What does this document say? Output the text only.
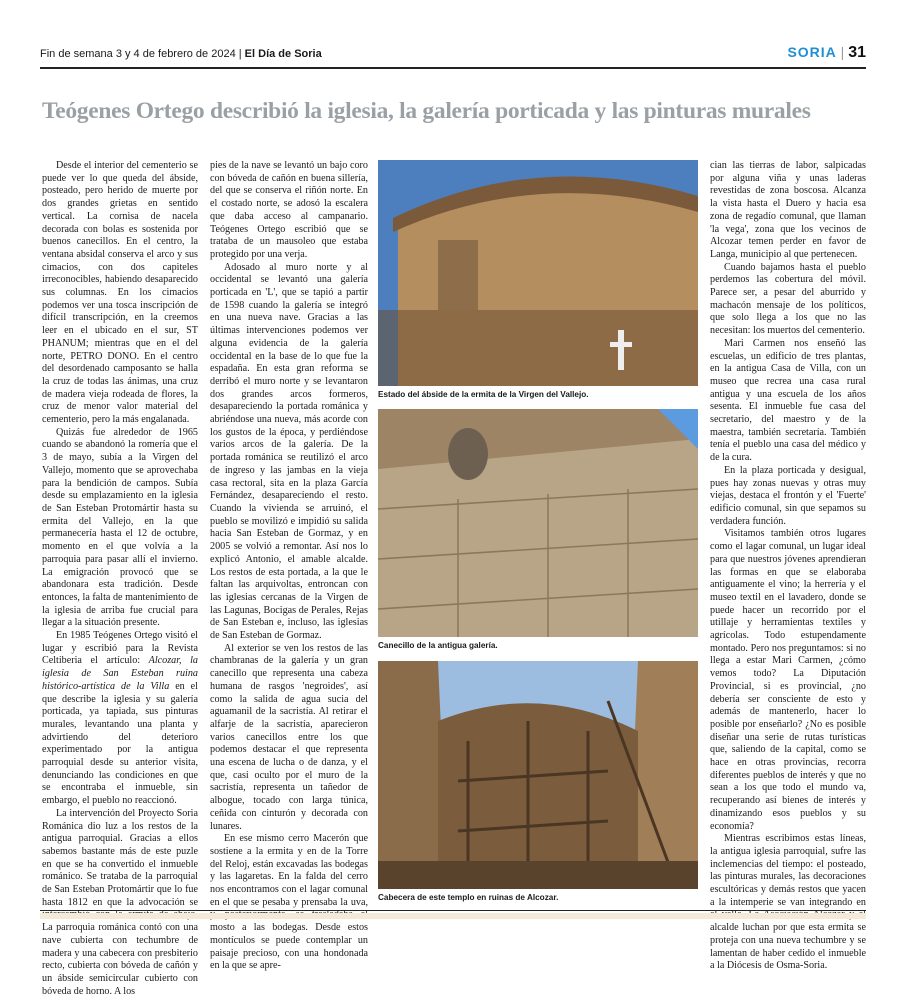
Fin de semana 3 y 4 de febrero de 2024 | El Día de Soria	SORIA | 31
Teógenes Ortego describió la iglesia, la galería porticada y las pinturas murales

Desde el interior del cementerio se puede ver lo que queda del ábside, posteado, pero herido de muerte por dos grandes grietas en sentido vertical. La cornisa de nacela decorada con bolas es sostenida por buenos canecillos. En el centro, la ventana absidal conserva el arco y sus cimacios, con dos capiteles irreconocibles, habiendo desaparecido sus columnas. En los cimacios podemos ver una tosca inscripción de difícil transcripción, en la creemos leer en el ubicado en el sur, ST PHANUM; mientras que en el del norte, PETRO DONO. En el centro del desordenado camposanto se halla la cruz de todas las ánimas, una cruz de madera vieja rodeada de flores, la cruz de menor valor material del cementerio, pero la más engalanada.

Quizás fue alrededor de 1965 cuando se abandonó la romería que el 3 de mayo, subía a la Virgen del Vallejo, momento que se aprovechaba para la bendición de campos. Subía desde su emplazamiento en la iglesia de San Esteban Protomártir hasta su ermita del Vallejo, en la que permanecería hasta el 12 de octubre, momento en el que volvía a la parroquia para pasar allí el invierno. La emigración provocó que se abandonara esta tradición. Desde entonces, la falta de mantenimiento de la iglesia de arriba fue crucial para llegar a la situación presente.

En 1985 Teógenes Ortego visitó el lugar y escribió para la Revista Celtiberia el artículo: Alcozar, la iglesia de San Esteban ruina histórico-artística de la Villa en el que describe la iglesia y su galería porticada, ya tapiada, sus pinturas murales, levantando una planta y advirtiendo del deterioro experimentado por la antigua parroquial desde su anterior visita, denunciando las condiciones en que se encontraba el inmueble, sin embargo, el pueblo no reaccionó.

La intervención del Proyecto Soria Románica dio luz a los restos de la antigua parroquial. Gracias a ellos sabemos bastante más de este puzle en que se ha convertido el inmueble románico. Se trataba de la parroquial de San Esteban Protomártir que lo fue hasta 1812 en que la advocación se La parroquia románica contó con una nave cubierta con techumbre de madera y una cabecera con presbiterio recto, cubierta con bóveda de cañón y un ábside semicircular cubierto con bóveda de horno. A los

pies de la nave se levantó un bajo coro con bóveda de cañón en buena sillería, del que se conserva el riñón norte. En el costado norte, se adosó la escalera que daba acceso al campanario. Teógenes Ortego escribió que se trataba de un mausoleo que estaba protegido por una verja.

Adosado al muro norte y al occidental se levantó una galería porticada en 'L', que se tapió a partir de 1598 cuando la galería se integró en una nueva nave. Gracias a las últimas intervenciones podemos ver alguna evidencia de la galería occidental en la base de lo que fue la espadaña. En esta gran reforma se derribó el muro norte y se levantaron dos grandes arcos formeros, desapareciendo la portada románica y abriéndose una nueva, más acorde con los gustos de la época, y perdiéndose varios arcos de la galería. De la portada románica se reutilizó el arco de ingreso y las jambas en la vieja casa rectoral, sita en la plaza García Fernández, desapareciendo el resto. Cuando la vivienda se arruinó, el pueblo se movilizó e impidió su salida hacia San Esteban de Gormaz, y en 2005 se volvió a remontar. Así nos lo explicó Antonio, el amable alcalde. Los restos de esta portada, a la que le faltan las arquivoltas, entroncan con las iglesias cercanas de la Virgen de las Lagunas, Bocigas de Perales, Rejas de San Esteban e, incluso, las iglesias de San Esteban de Gormaz.

Al exterior se ven los restos de las chambranas de la galería y un gran canecillo que representa una cabeza humana de rasgos 'negroides', así como la salida de agua sucia del aguamanil de la sacristía. Al retirar el alfarje de la sacristía, aparecieron varios canecillos entre los que podemos destacar el que representa una escena de lucha o de danza, y el que, casi oculto por el muro de la sacristía, representa un tañedor de albogue, tocado con larga túnica, ceñida con cinturón y decorada con lunares.

En ese mismo cerro Macerón que sostiene a la ermita y en de la Torre del Reloj, están excavadas las bodegas y las lagaretas. En la falda del cerro nos encontramos con el lagar comunal en el que se pesaba y prensaba la uva, mosto a las bodegas. Desde estos montículos se puede contemplar un paisaje precioso, con una hondonada en la que se apre-

Estado del ábside de la ermita de la Virgen del Vallejo.
Canecillo de la antigua galería.
Cabecera de este templo en ruinas de Alcozar.

cian las tierras de labor, salpicadas por alguna viña y unas laderas revestidas de zona boscosa. Alcanza la vista hasta el Duero y hacia esa zona de regadío comunal, que llaman 'la vega', zona que los vecinos de Alcozar temen perder en favor de Langa, municipio al que pertenecen.

Cuando bajamos hasta el pueblo perdemos las cobertura del móvil. Parece ser, a pesar del aburrido y machacón mensaje de los políticos, que solo llega a los que no las necesitan: los muertos del cementerio.

Mari Carmen nos enseñó las escuelas, un edificio de tres plantas, en la antigua Casa de Villa, con un museo que recrea una casa rural antigua y una escuela de los años sesenta. El inmueble fue casa del secretario, del maestro y de la maestra, también secretaría. También tenía el pueblo una casa del médico y de la cura.

En la plaza porticada y desigual, pues hay zonas nuevas y otras muy viejas, destaca el frontón y el 'Fuerte' edificio comunal, sin que sepamos su verdadera función.

Visitamos también otros lugares como el lagar comunal, un lugar ideal para que nuestros jóvenes aprendieran las formas en que se elaboraba antiguamente el vino; la herrería y el museo textil en el lavadero, donde se puede hacer un recorrido por el utillaje y herramientas textiles y agrícolas. Todo estupendamente montado. Pero nos preguntamos: si no llega a estar Mari Carmen, ¿cómo vemos todo? La Diputación Provincial, si es provincial, ¿no debería ser consciente de esto y además de mantenerlo, hacer lo posible por enseñarlo? ¿No es posible diseñar una serie de rutas turísticas que, saliendo de la capital, como se hace en otras provincias, recorra diferentes pueblos de interés y que no sean a los que todo el mundo va, recuperando así bienes de interés y dinamizando esos pueblos y su economía?

Mientras escribimos estas líneas, la antigua iglesia parroquial, sufre las inclemencias del tiempo: el posteado, las pinturas murales, las decoraciones escultóricas y demás restos que yacen a la intemperie se van integrando en alcalde luchan por que esta ermita se proteja con una nueva techumbre y se lamentan de haber cedido el inmueble a la Diócesis de Osma-Soria.
